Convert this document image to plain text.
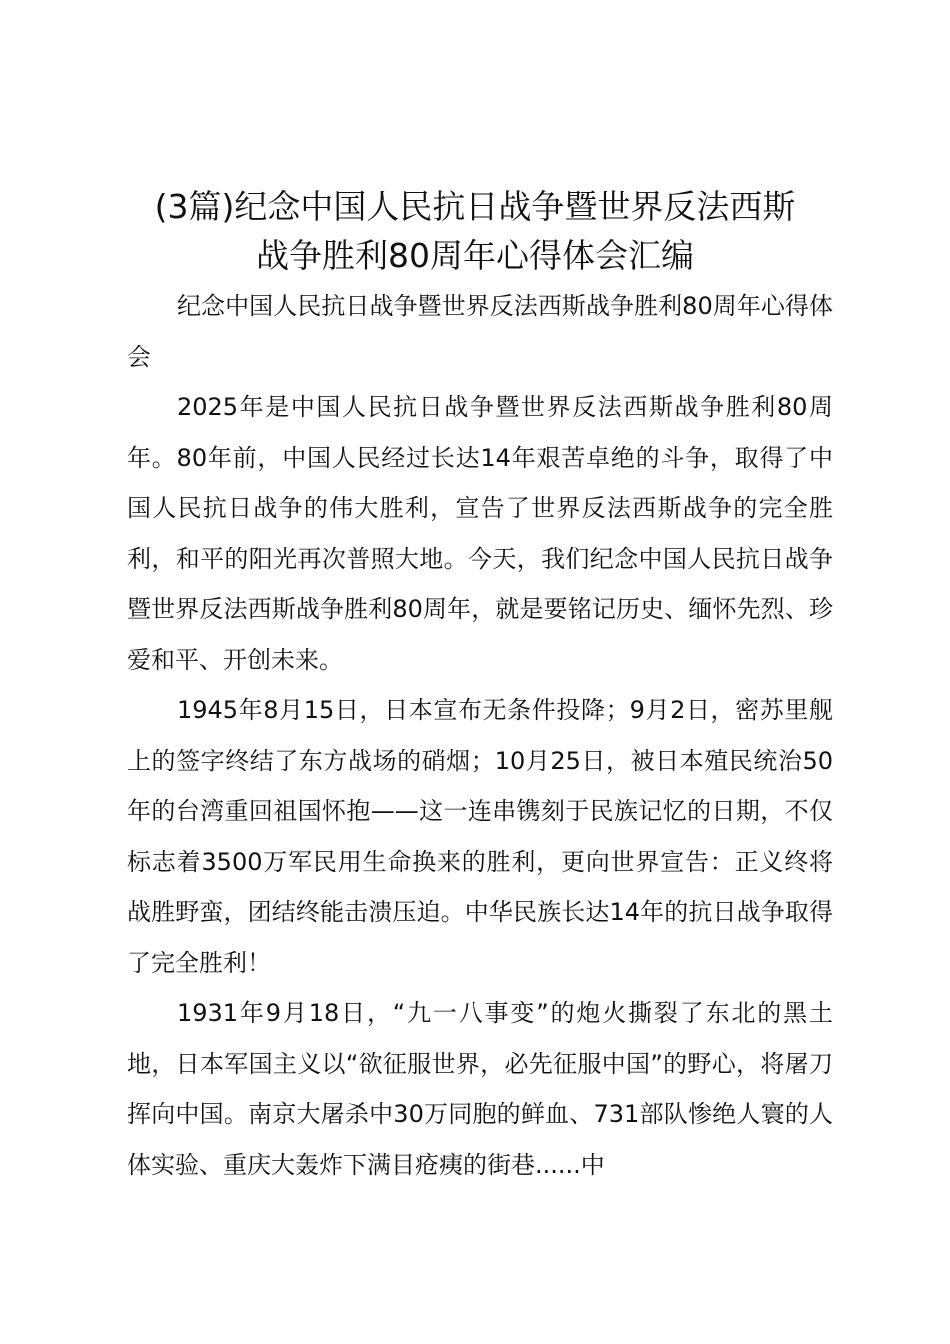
(3篇)纪念中国人民抗日战争暨世界反法西斯
战争胜利80周年心得体会汇编

纪念中国人民抗日战争暨世界反法西斯战争胜利80周年心得体会

2025年是中国人民抗日战争暨世界反法西斯战争胜利80周年。80年前，中国人民经过长达14年艰苦卓绝的斗争，取得了中国人民抗日战争的伟大胜利，宣告了世界反法西斯战争的完全胜利，和平的阳光再次普照大地。今天，我们纪念中国人民抗日战争暨世界反法西斯战争胜利80周年，就是要铭记历史、缅怀先烈、珍爱和平、开创未来。

1945年8月15日，日本宣布无条件投降；9月2日，密苏里舰上的签字终结了东方战场的硝烟；10月25日，被日本殖民统治50年的台湾重回祖国怀抱——这一连串镌刻于民族记忆的日期，不仅标志着3500万军民用生命换来的胜利，更向世界宣告：正义终将战胜野蛮，团结终能击溃压迫。中华民族长达14年的抗日战争取得了完全胜利！

1931年9月18日，“九一八事变”的炮火撕裂了东北的黑土地，日本军国主义以“欲征服世界，必先征服中国”的野心，将屠刀挥向中国。南京大屠杀中30万同胞的鲜血、731部队惨绝人寰的人体实验、重庆大轰炸下满目疮痍的街巷......中
